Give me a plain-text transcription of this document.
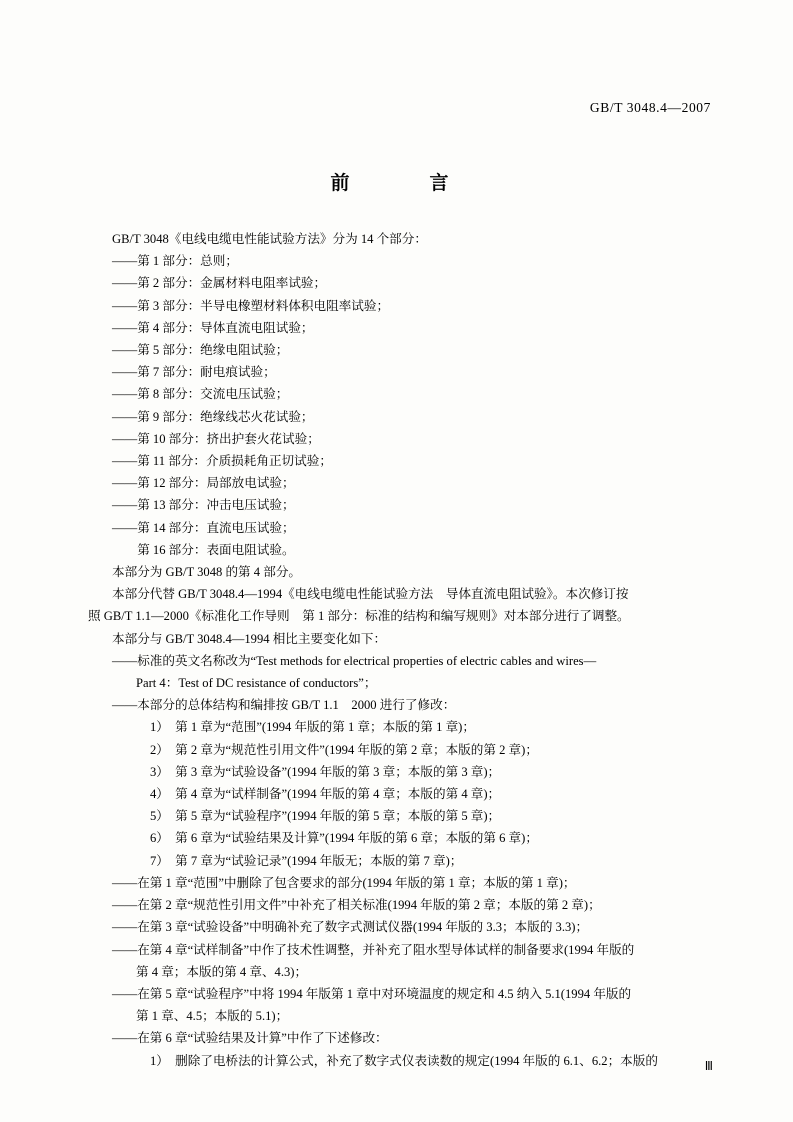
GB/T 3048.4—2007
前　　言

GB/T 3048《电线电缆电性能试验方法》分为 14 个部分：

——第 1 部分：总则；

——第 2 部分：金属材料电阻率试验；

——第 3 部分：半导电橡塑材料体积电阻率试验；

——第 4 部分：导体直流电阻试验；

——第 5 部分：绝缘电阻试验；

——第 7 部分：耐电痕试验；

——第 8 部分：交流电压试验；

——第 9 部分：绝缘线芯火花试验；

——第 10 部分：挤出护套火花试验；

——第 11 部分：介质损耗角正切试验；

——第 12 部分：局部放电试验；

——第 13 部分：冲击电压试验；

——第 14 部分：直流电压试验；

　　第 16 部分：表面电阻试验。

本部分为 GB/T 3048 的第 4 部分。

本部分代替 GB/T 3048.4—1994《电线电缆电性能试验方法　导体直流电阻试验》。本次修订按

照 GB/T 1.1—2000《标准化工作导则　第 1 部分：标准的结构和编写规则》对本部分进行了调整。

本部分与 GB/T 3048.4—1994 相比主要变化如下：

——标准的英文名称改为“Test methods for electrical properties of electric cables and wires—

Part 4：Test of DC resistance of conductors”；

——本部分的总体结构和编排按 GB/T 1.1　2000 进行了修改：

1）　第 1 章为“范围”(1994 年版的第 1 章；本版的第 1 章)；

2）　第 2 章为“规范性引用文件”(1994 年版的第 2 章；本版的第 2 章)；

3）　第 3 章为“试验设备”(1994 年版的第 3 章；本版的第 3 章)；

4）　第 4 章为“试样制备”(1994 年版的第 4 章；本版的第 4 章)；

5）　第 5 章为“试验程序”(1994 年版的第 5 章；本版的第 5 章)；

6）　第 6 章为“试验结果及计算”(1994 年版的第 6 章；本版的第 6 章)；

7）　第 7 章为“试验记录”(1994 年版无；本版的第 7 章)；

——在第 1 章“范围”中删除了包含要求的部分(1994 年版的第 1 章；本版的第 1 章)；

——在第 2 章“规范性引用文件”中补充了相关标准(1994 年版的第 2 章；本版的第 2 章)；

——在第 3 章“试验设备”中明确补充了数字式测试仪器(1994 年版的 3.3；本版的 3.3)；

——在第 4 章“试样制备”中作了技术性调整，并补充了阻水型导体试样的制备要求(1994 年版的

第 4 章；本版的第 4 章、4.3)；

——在第 5 章“试验程序”中将 1994 年版第 1 章中对环境温度的规定和 4.5 纳入 5.1(1994 年版的

第 1 章、4.5；本版的 5.1)；

——在第 6 章“试验结果及计算”中作了下述修改：

1）　删除了电桥法的计算公式，补充了数字式仪表读数的规定(1994 年版的 6.1、6.2；本版的	Ⅲ
